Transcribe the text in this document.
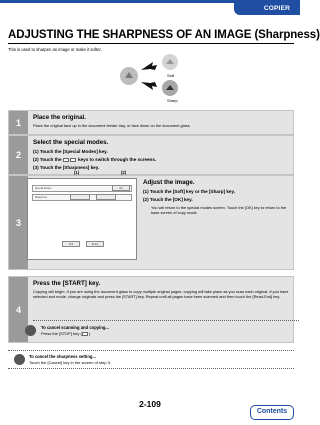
COPIER
ADJUSTING THE SHARPNESS OF AN IMAGE (Sharpness)
This is used to sharpen an image or make it softer.
Soft
Sharp
1	Place the original.
Place the original face up in the document feeder tray, or face down on the document glass.
2
Select the special modes.
(1) Touch the [Special Modes] key.
(2) Touch the	keys to switch through the screens.
(3) Touch the [Sharpness] key.
3
Adjust the image.
(1) Touch the [Soft] key or the [Sharp] key.
(2) Touch the [OK] key.
You will return to the special modes screen. Touch the [OK] key to return to the base screen of copy mode.
(1)	(2)
Special Modes
Sharpness
OK
Soft	Sharp
4
Press the [START] key.
Copying will begin. If you are using the document glass to copy multiple original pages, copying will take place as you scan each original. If you have selected sort mode, change originals and press the [START] key. Repeat until all pages have been scanned and then touch the [Read-End] key.
To cancel scanning and copying...
Press the [STOP] key ( ).
To cancel the sharpness setting...
Touch the [Cancel] key in the screen of step 3.
2-109
Contents
